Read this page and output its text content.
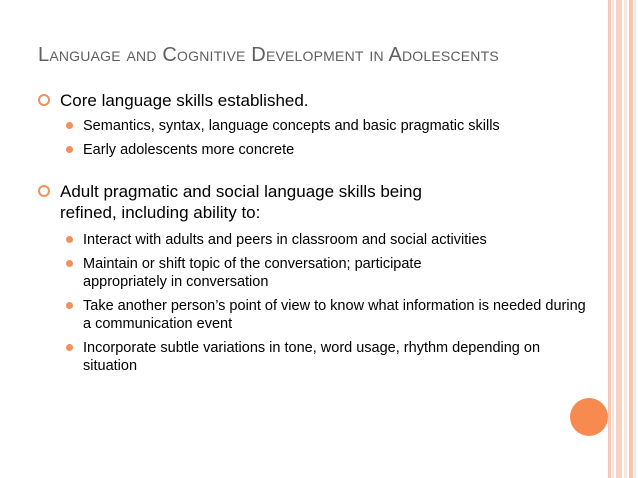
Language and Cognitive Development in Adolescents
Core language skills established.
Semantics, syntax, language concepts and basic pragmatic skills
Early adolescents more concrete
Adult pragmatic and social language skills being refined, including ability to:
Interact with adults and peers in classroom and social activities
Maintain or shift topic of the conversation; participate appropriately in conversation
Take another person’s point of view to know what information is needed during a communication event
Incorporate subtle variations in tone, word usage, rhythm depending on situation
